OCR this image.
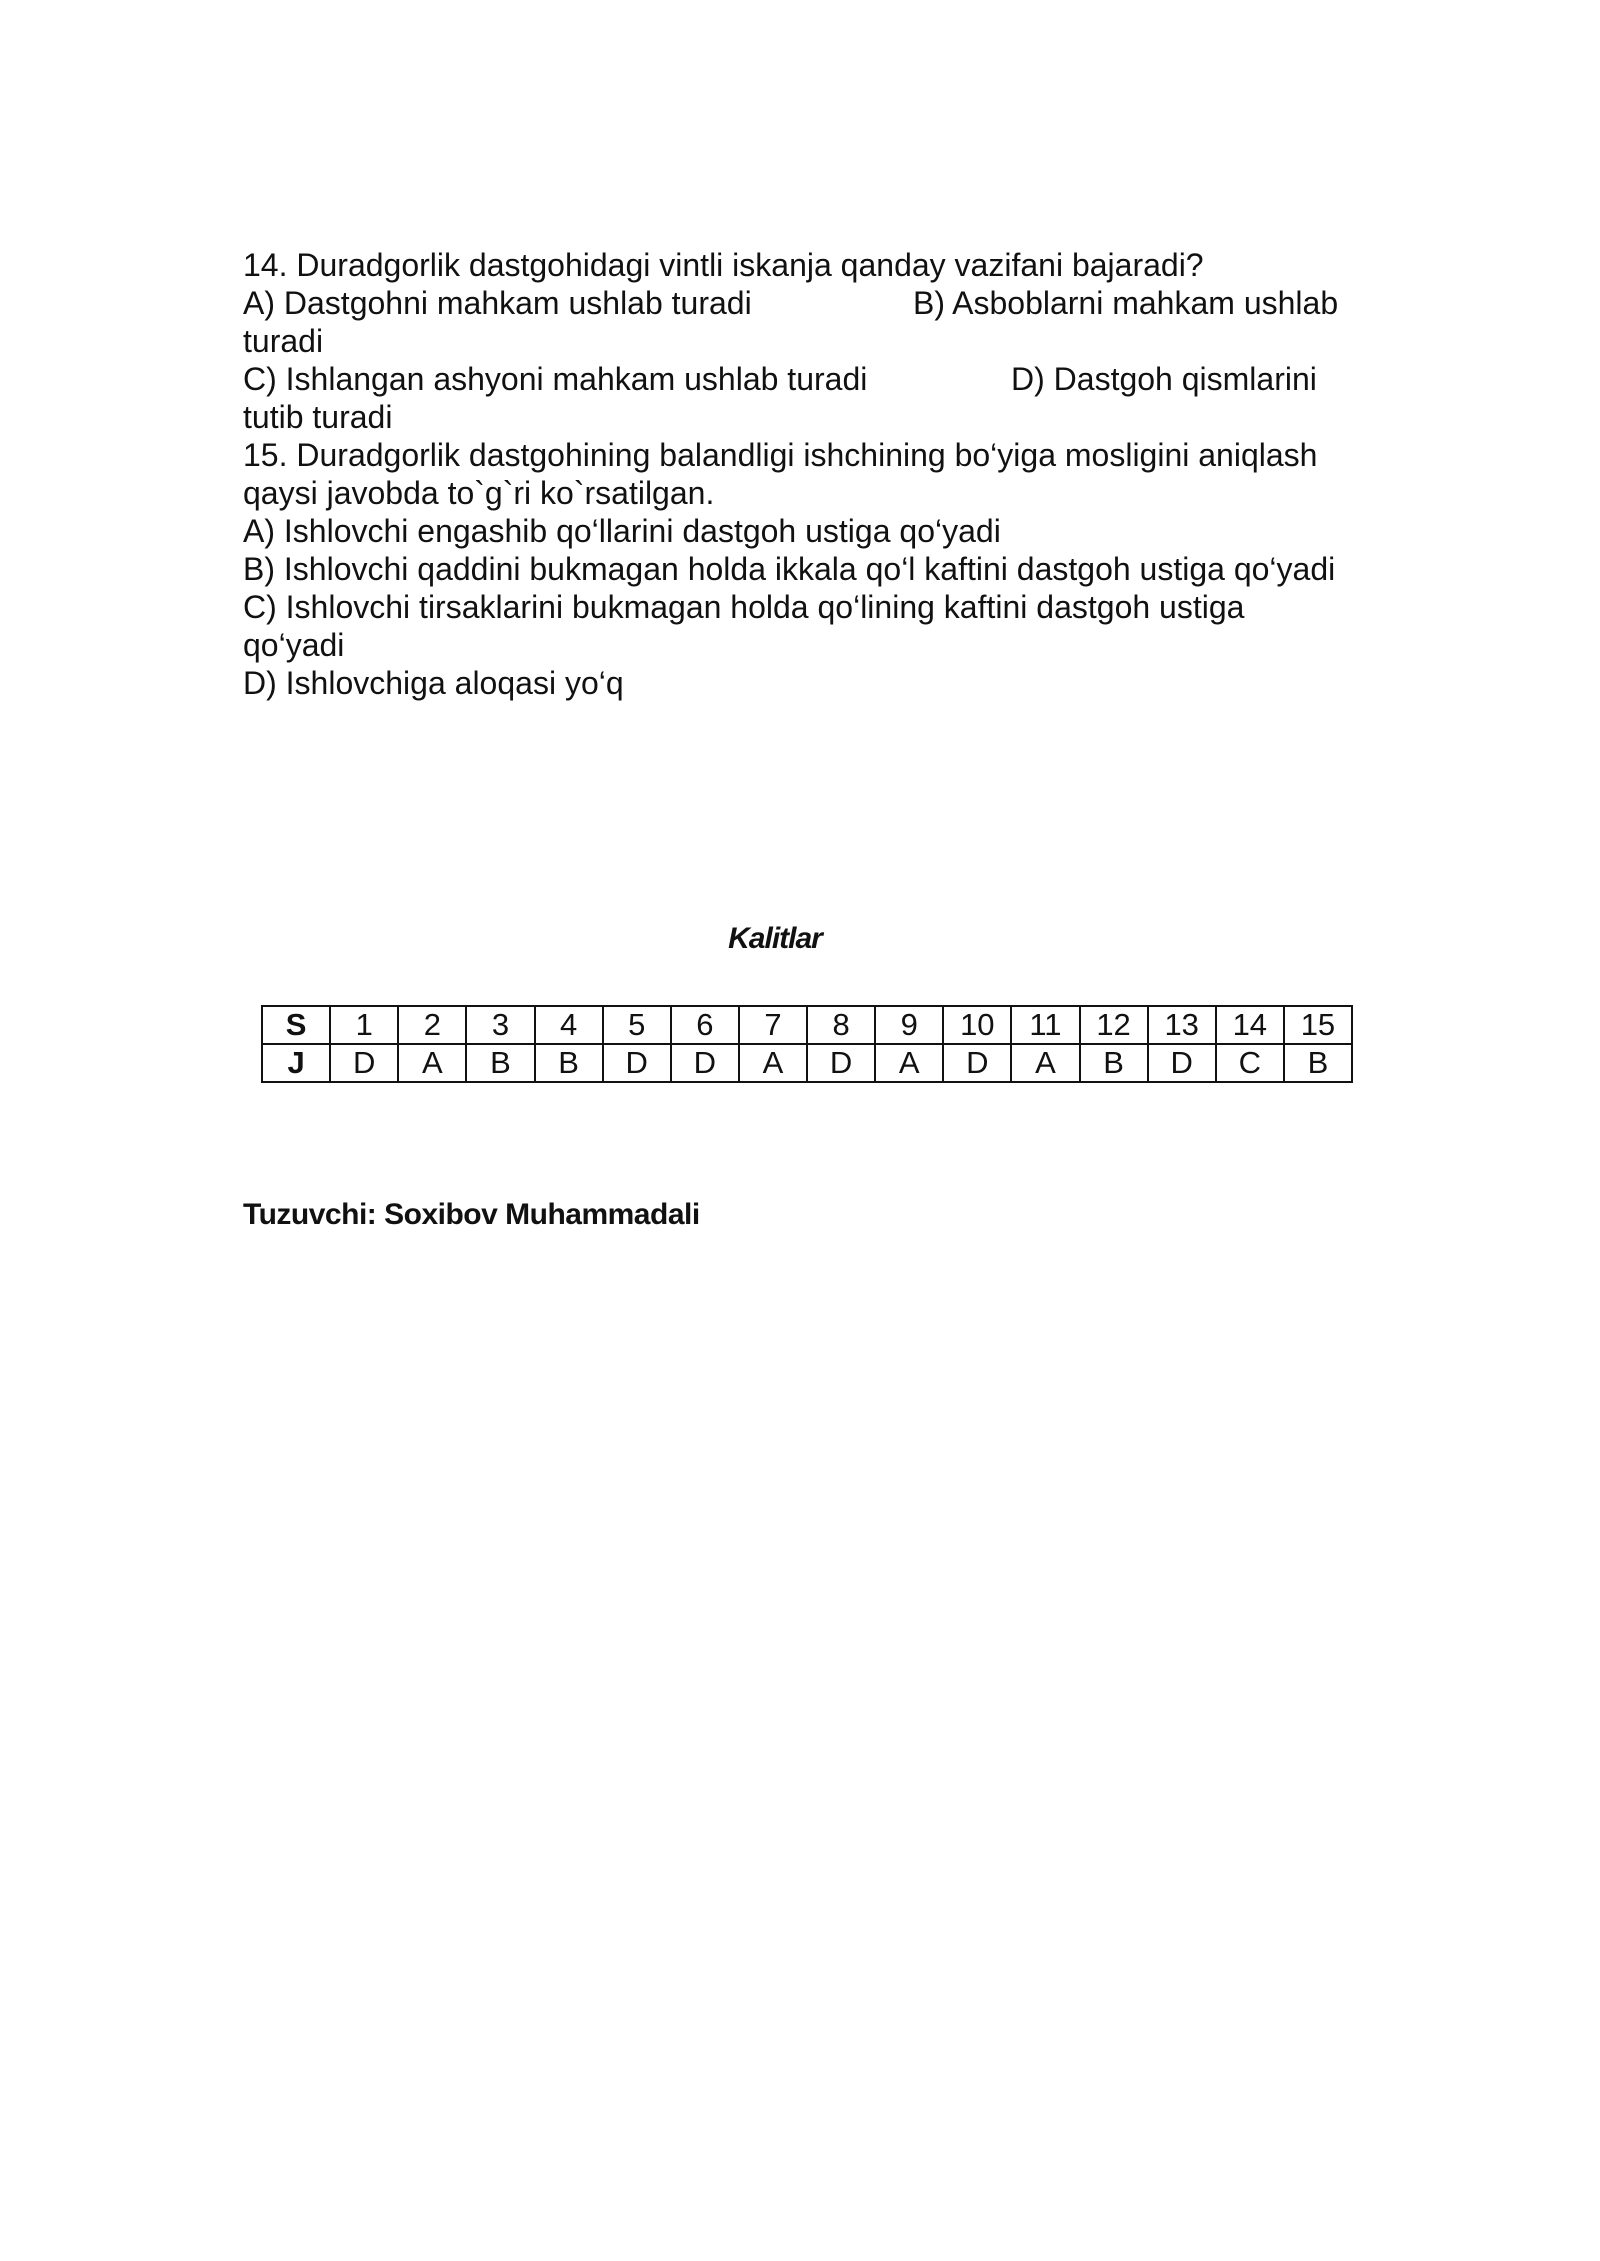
14. Duradgorlik dastgohidagi vintli iskanja qanday vazifani bajaradi?
A) Dastgohni mahkam ushlab turadi	B) Asboblarni mahkam ushlab
turadi
C) Ishlangan ashyoni mahkam ushlab turadi	D) Dastgoh qismlarini
tutib turadi
15. Duradgorlik dastgohining balandligi ishchining bo‘yiga mosligini aniqlash
qaysi javobda to`g`ri ko`rsatilgan.
A) Ishlovchi engashib qo‘llarini dastgoh ustiga qo‘yadi
B) Ishlovchi qaddini bukmagan holda ikkala qo‘l kaftini dastgoh ustiga qo‘yadi
C) Ishlovchi tirsaklarini bukmagan holda qo‘lining kaftini dastgoh ustiga
qo‘yadi
D) Ishlovchiga aloqasi yo‘q
Kalitlar
S	1	2	3	4	5	6	7	8	9	10	11	12	13	14	15
J	D	A	B	B	D	D	A	D	A	D	A	B	D	C	B
Tuzuvchi: Soxibov Muhammadali
